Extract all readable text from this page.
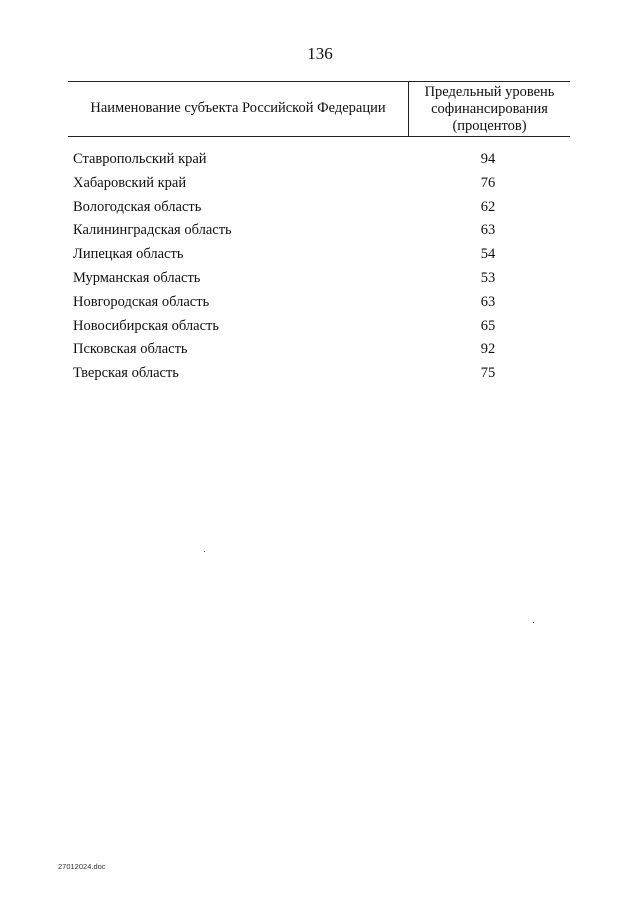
136
Наименование субъекта Российской Федерации
Предельный уровень
софинансирования
(процентов)
Ставропольский край	94
Хабаровский край	76
Вологодская область	62
Калининградская область	63
Липецкая область	54
Мурманская область	53
Новгородская область	63
Новосибирская область	65
Псковская область	92
Тверская область	75
27012024.doc
